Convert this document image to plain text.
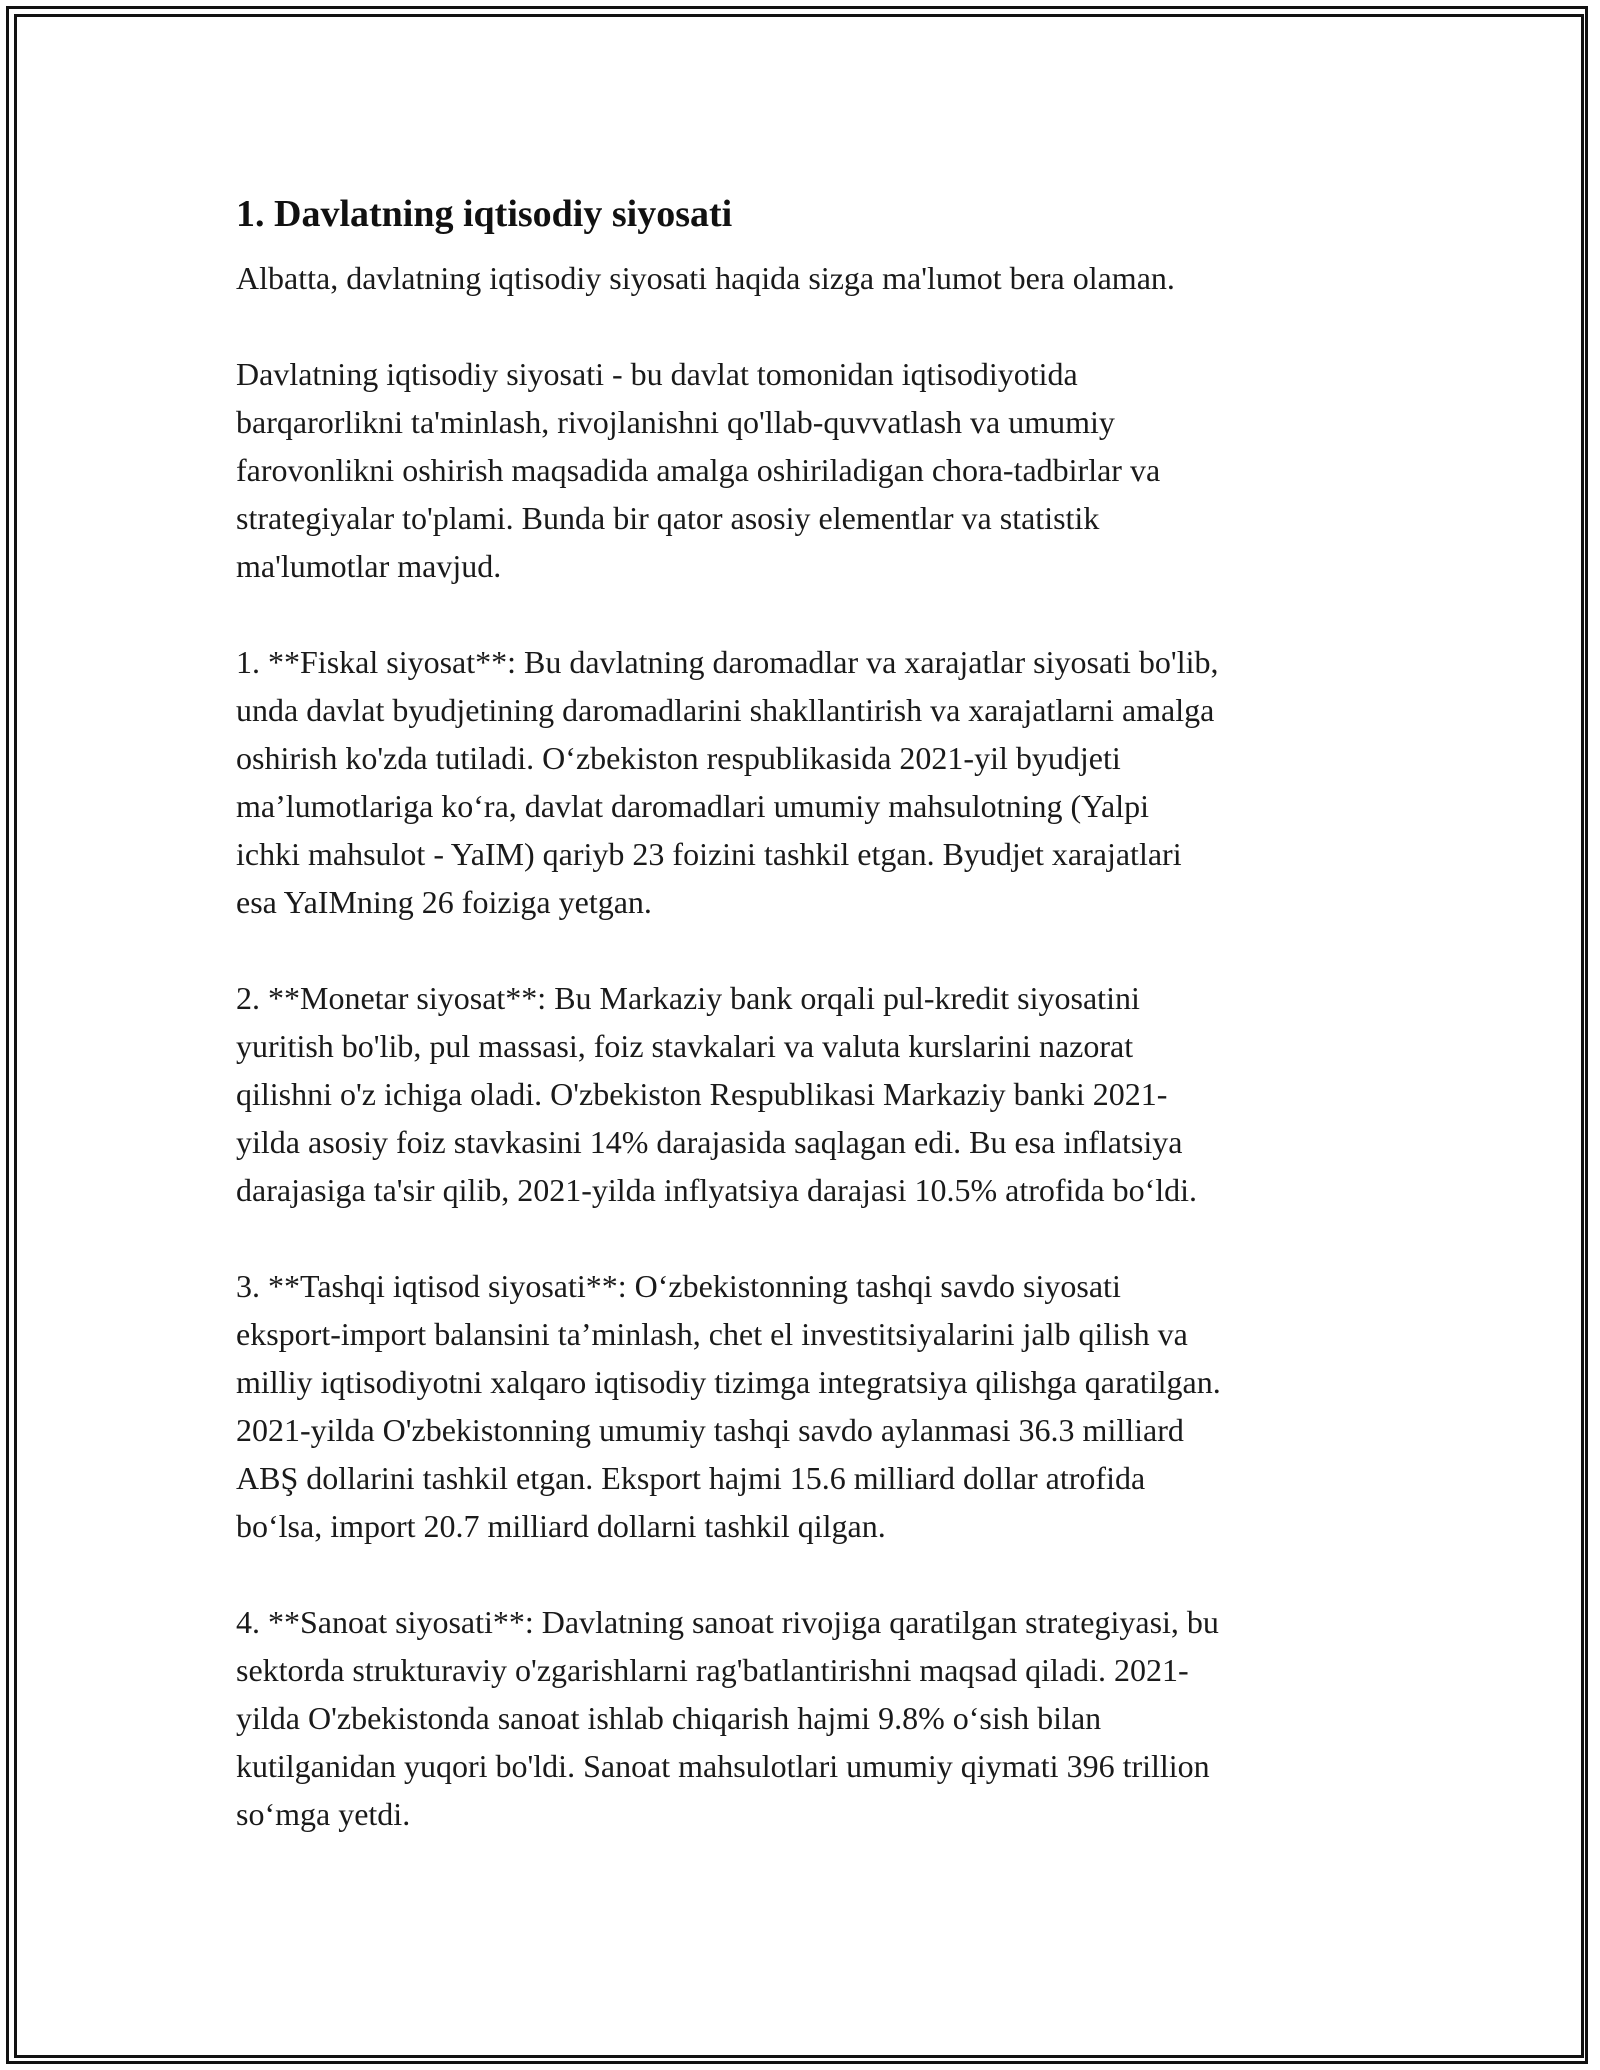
1. Davlatning iqtisodiy siyosati

Albatta, davlatning iqtisodiy siyosati haqida sizga ma'lumot bera olaman.

Davlatning iqtisodiy siyosati - bu davlat tomonidan iqtisodiyotida
barqarorlikni ta'minlash, rivojlanishni qo'llab-quvvatlash va umumiy
farovonlikni oshirish maqsadida amalga oshiriladigan chora-tadbirlar va
strategiyalar to'plami. Bunda bir qator asosiy elementlar va statistik
ma'lumotlar mavjud.

1. **Fiskal siyosat**: Bu davlatning daromadlar va xarajatlar siyosati bo'lib,
unda davlat byudjetining daromadlarini shakllantirish va xarajatlarni amalga
oshirish ko'zda tutiladi. O‘zbekiston respublikasida 2021-yil byudjeti
ma’lumotlariga ko‘ra, davlat daromadlari umumiy mahsulotning (Yalpi
ichki mahsulot - YaIM) qariyb 23 foizini tashkil etgan. Byudjet xarajatlari
esa YaIMning 26 foiziga yetgan.

2. **Monetar siyosat**: Bu Markaziy bank orqali pul-kredit siyosatini
yuritish bo'lib, pul massasi, foiz stavkalari va valuta kurslarini nazorat
qilishni o'z ichiga oladi. O'zbekiston Respublikasi Markaziy banki 2021-
yilda asosiy foiz stavkasini 14% darajasida saqlagan edi. Bu esa inflatsiya
darajasiga ta'sir qilib, 2021-yilda inflyatsiya darajasi 10.5% atrofida bo‘ldi.

3. **Tashqi iqtisod siyosati**: O‘zbekistonning tashqi savdo siyosati
eksport-import balansini ta’minlash, chet el investitsiyalarini jalb qilish va
milliy iqtisodiyotni xalqaro iqtisodiy tizimga integratsiya qilishga qaratilgan.
2021-yilda O'zbekistonning umumiy tashqi savdo aylanmasi 36.3 milliard
ABŞ dollarini tashkil etgan. Eksport hajmi 15.6 milliard dollar atrofida
bo‘lsa, import 20.7 milliard dollarni tashkil qilgan.

4. **Sanoat siyosati**: Davlatning sanoat rivojiga qaratilgan strategiyasi, bu
sektorda strukturaviy o'zgarishlarni rag'batlantirishni maqsad qiladi. 2021-
yilda O'zbekistonda sanoat ishlab chiqarish hajmi 9.8% o‘sish bilan
kutilganidan yuqori bo'ldi. Sanoat mahsulotlari umumiy qiymati 396 trillion
so‘mga yetdi.
